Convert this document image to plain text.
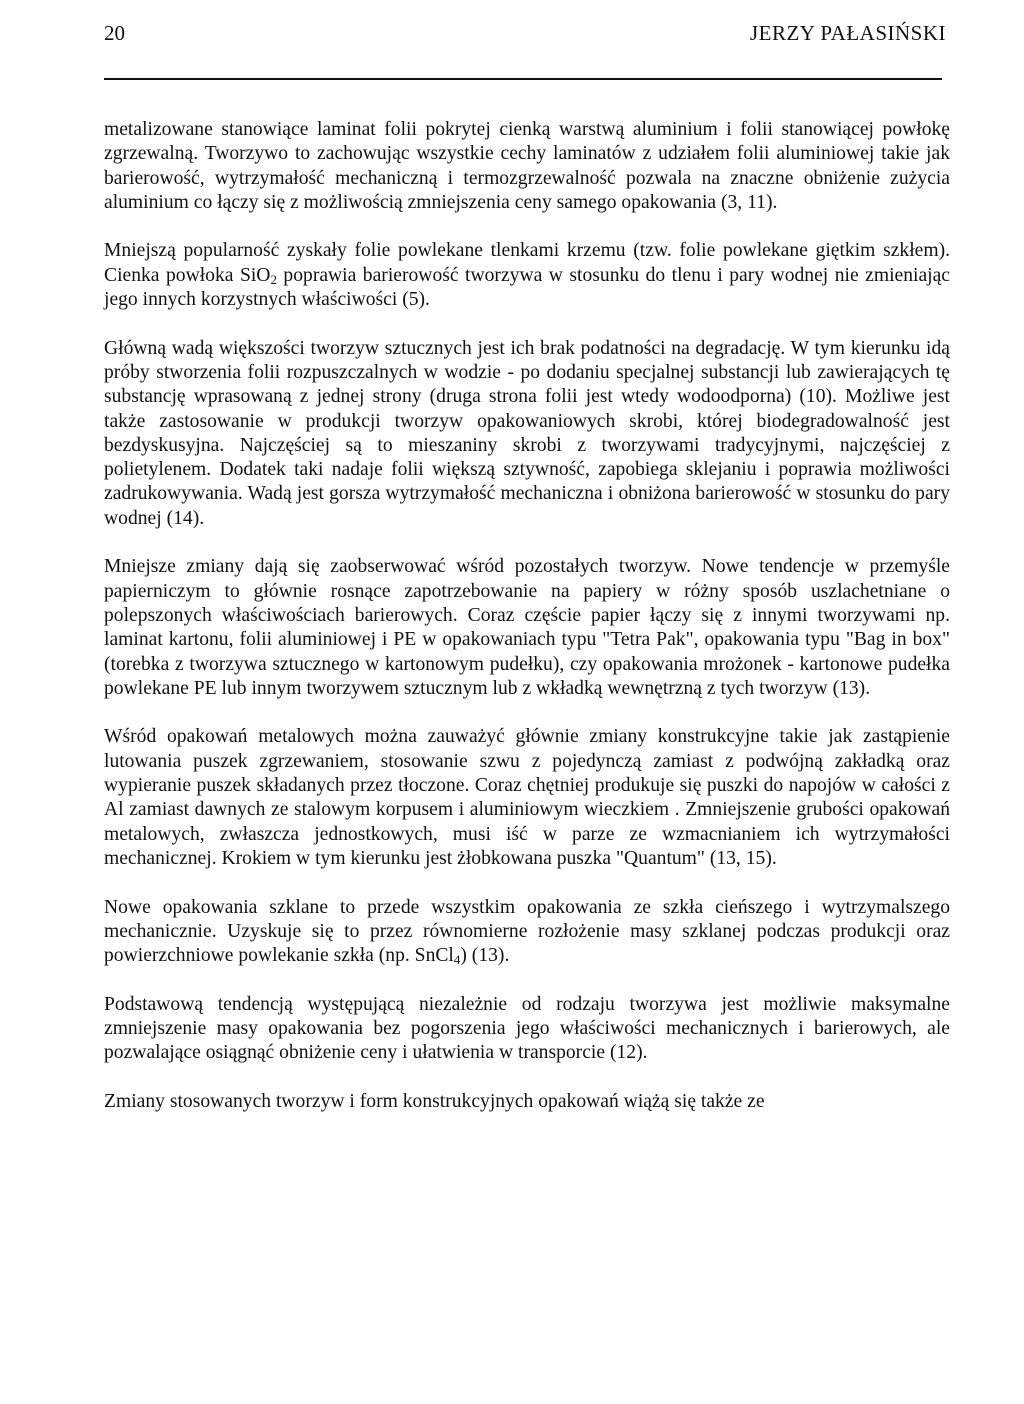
20	JERZY PAŁASIŃSKI

metalizowane stanowiące laminat folii pokrytej cienką warstwą aluminium i folii stanowiącej powłokę zgrzewalną. Tworzywo to zachowując wszystkie cechy laminatów z udziałem folii aluminiowej takie jak barierowość, wytrzymałość mechaniczną i termozgrzewalność pozwala na znaczne obniżenie zużycia aluminium co łączy się z możliwością zmniejszenia ceny samego opakowania (3, 11).

Mniejszą popularność zyskały folie powlekane tlenkami krzemu (tzw. folie powlekane giętkim szkłem). Cienka powłoka SiO$_2$ poprawia barierowość tworzywa w stosunku do tlenu i pary wodnej nie zmieniając jego innych korzystnych właściwości (5).

Główną wadą większości tworzyw sztucznych jest ich brak podatności na degradację. W tym kierunku idą próby stworzenia folii rozpuszczalnych w wodzie - po dodaniu specjalnej substancji lub zawierających tę substancję wprasowaną z jednej strony (druga strona folii jest wtedy wodoodporna) (10). Możliwe jest także zastosowanie w produkcji tworzyw opakowaniowych skrobi, której biodegradowalność jest bezdyskusyjna. Najczęściej są to mieszaniny skrobi z tworzywami tradycyjnymi, najczęściej z polietylenem. Dodatek taki nadaje folii większą sztywność, zapobiega sklejaniu i poprawia możliwości zadrukowywania. Wadą jest gorsza wytrzymałość mechaniczna i obniżona barierowość w stosunku do pary wodnej (14).

Mniejsze zmiany dają się zaobserwować wśród pozostałych tworzyw. Nowe tendencje w przemyśle papierniczym to głównie rosnące zapotrzebowanie na papiery w różny sposób uszlachetniane o polepszonych właściwościach barierowych. Coraz częście papier łączy się z innymi tworzywami np. laminat kartonu, folii aluminiowej i PE w opakowaniach typu "Tetra Pak", opakowania typu "Bag in box" (torebka z tworzywa sztucznego w kartonowym pudełku), czy opakowania mrożonek - kartonowe pudełka powlekane PE lub innym tworzywem sztucznym lub z wkładką wewnętrzną z tych tworzyw (13).

Wśród opakowań metalowych można zauważyć głównie zmiany konstrukcyjne takie jak zastąpienie lutowania puszek zgrzewaniem, stosowanie szwu z pojedynczą zamiast z podwójną zakładką oraz wypieranie puszek składanych przez tłoczone. Coraz chętniej produkuje się puszki do napojów w całości z Al zamiast dawnych ze stalowym korpusem i aluminiowym wieczkiem . Zmniejszenie grubości opakowań metalowych, zwłaszcza jednostkowych, musi iść w parze ze wzmacnianiem ich wytrzymałości mechanicznej. Krokiem w tym kierunku jest żłobkowana puszka "Quantum" (13, 15).

Nowe opakowania szklane to przede wszystkim opakowania ze szkła cieńszego i wytrzymalszego mechanicznie. Uzyskuje się to przez równomierne rozłożenie masy szklanej podczas produkcji oraz powierzchniowe powlekanie szkła (np. SnCl$_4$) (13).

Podstawową tendencją występującą niezależnie od rodzaju tworzywa jest możliwie maksymalne zmniejszenie masy opakowania bez pogorszenia jego właściwości mechanicznych i barierowych, ale pozwalające osiągnąć obniżenie ceny i ułatwienia w transporcie (12).

Zmiany stosowanych tworzyw i form konstrukcyjnych opakowań wiążą się także ze
